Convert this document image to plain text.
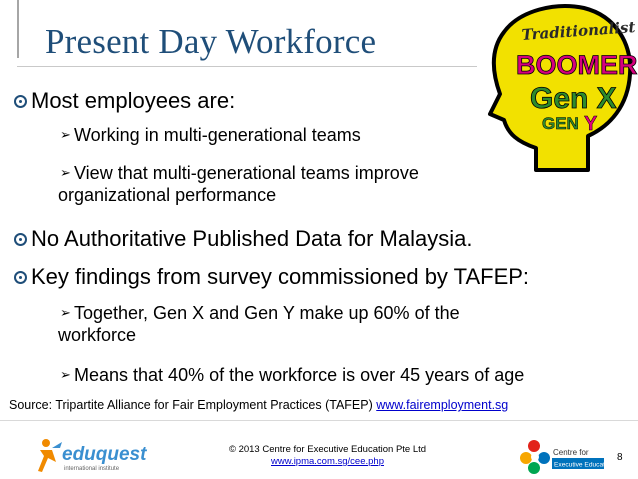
Present Day Workforce	Traditionalist
BOOMER
Gen X
GEN Y
Most employees are:
➢ Working in multi-generational teams
➢ View that multi-generational teams improve
organizational performance
No Authoritative Published Data for Malaysia.
Key findings from survey commissioned by TAFEP:
➢ Together, Gen X and Gen Y make up 60% of the
workforce
➢ Means that 40% of the workforce is over 45 years of age
Source: Tripartite Alliance for Fair Employment Practices (TAFEP) www.fairemployment.sg
eduquest
international institute
© 2013 Centre for Executive Education Pte Ltd
www.ipma.com.sg/cee.php
Centre for
Executive Education
8
